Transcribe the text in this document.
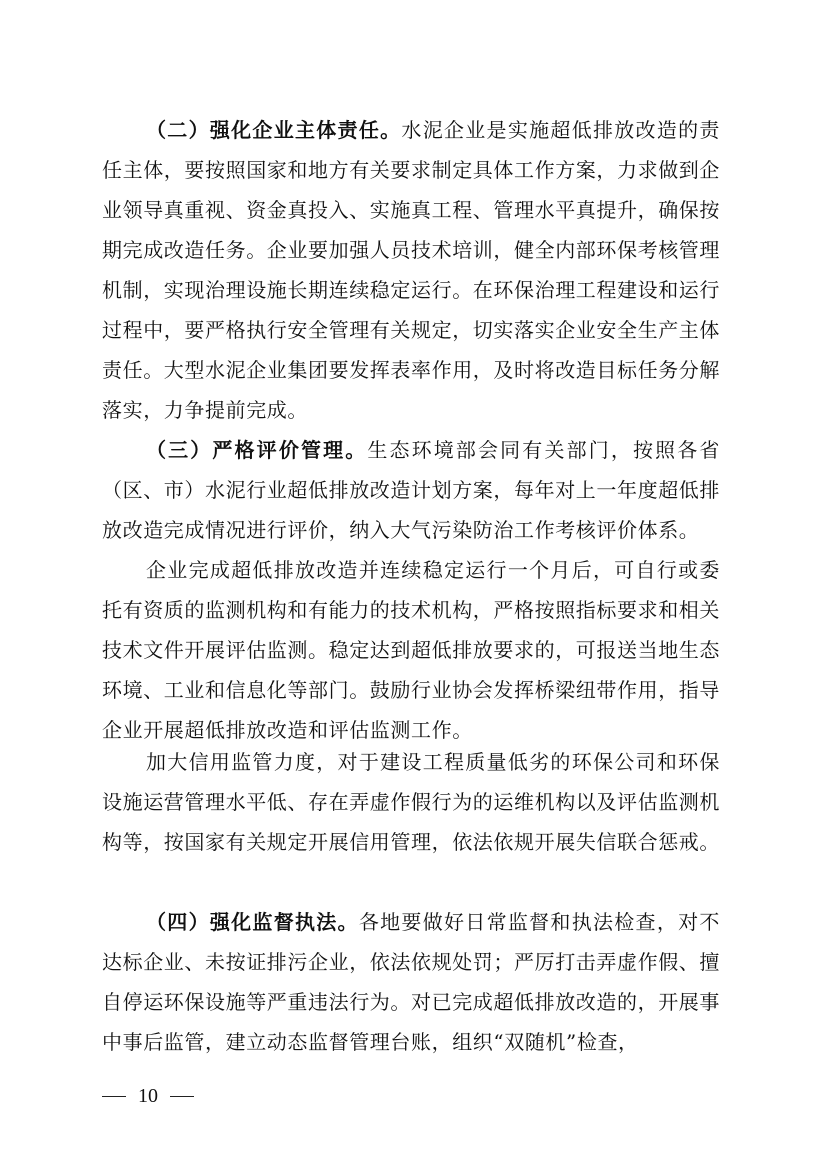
（二）强化企业主体责任。水泥企业是实施超低排放改造的责任主体，要按照国家和地方有关要求制定具体工作方案，力求做到企业领导真重视、资金真投入、实施真工程、管理水平真提升，确保按期完成改造任务。企业要加强人员技术培训，健全内部环保考核管理机制，实现治理设施长期连续稳定运行。在环保治理工程建设和运行过程中，要严格执行安全管理有关规定，切实落实企业安全生产主体责任。大型水泥企业集团要发挥表率作用，及时将改造目标任务分解落实，力争提前完成。

（三）严格评价管理。生态环境部会同有关部门，按照各省（区、市）水泥行业超低排放改造计划方案，每年对上一年度超低排放改造完成情况进行评价，纳入大气污染防治工作考核评价体系。

企业完成超低排放改造并连续稳定运行一个月后，可自行或委托有资质的监测机构和有能力的技术机构，严格按照指标要求和相关技术文件开展评估监测。稳定达到超低排放要求的，可报送当地生态环境、工业和信息化等部门。鼓励行业协会发挥桥梁纽带作用，指导企业开展超低排放改造和评估监测工作。

加大信用监管力度，对于建设工程质量低劣的环保公司和环保设施运营管理水平低、存在弄虚作假行为的运维机构以及评估监测机构等，按国家有关规定开展信用管理，依法依规开展失信联合惩戒。

（四）强化监督执法。各地要做好日常监督和执法检查，对不达标企业、未按证排污企业，依法依规处罚；严厉打击弄虚作假、擅自停运环保设施等严重违法行为。对已完成超低排放改造的，开展事中事后监管，建立动态监督管理台账，组织“双随机”检查，

10
